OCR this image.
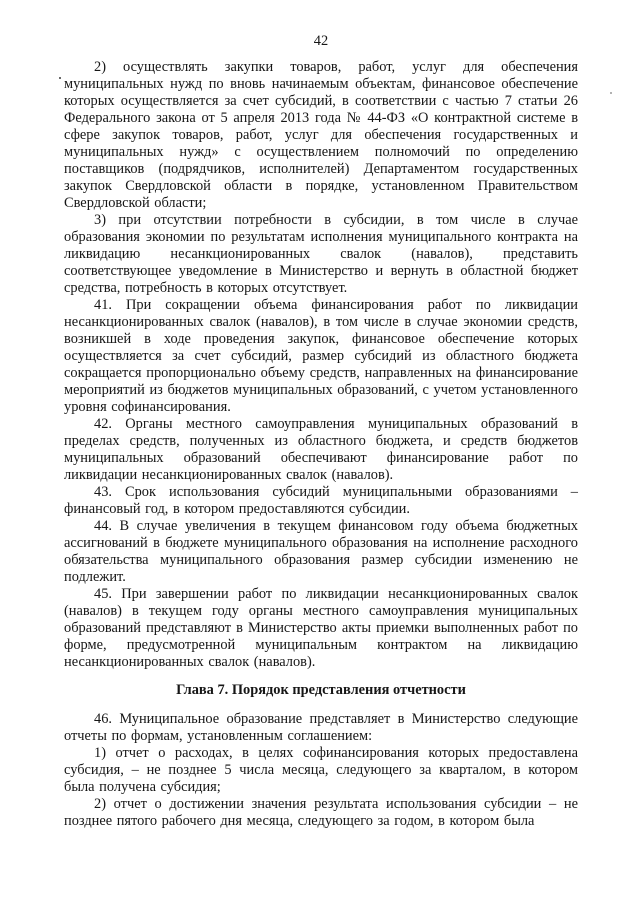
42

2) осуществлять закупки товаров, работ, услуг для обеспечения муниципальных нужд по вновь начинаемым объектам, финансовое обеспечение которых осуществляется за счет субсидий, в соответствии с частью 7 статьи 26 Федерального закона от 5 апреля 2013 года № 44-ФЗ «О контрактной системе в сфере закупок товаров, работ, услуг для обеспечения государственных и муниципальных нужд» с осуществлением полномочий по определению поставщиков (подрядчиков, исполнителей) Департаментом государственных закупок Свердловской области в порядке, установленном Правительством Свердловской области;

3) при отсутствии потребности в субсидии, в том числе в случае образования экономии по результатам исполнения муниципального контракта на ликвидацию несанкционированных свалок (навалов), представить соответствующее уведомление в Министерство и вернуть в областной бюджет средства, потребность в которых отсутствует.

41. При сокращении объема финансирования работ по ликвидации несанкционированных свалок (навалов), в том числе в случае экономии средств, возникшей в ходе проведения закупок, финансовое обеспечение которых осуществляется за счет субсидий, размер субсидий из областного бюджета сокращается пропорционально объему средств, направленных на финансирование мероприятий из бюджетов муниципальных образований, с учетом установленного уровня софинансирования.

42. Органы местного самоуправления муниципальных образований в пределах средств, полученных из областного бюджета, и средств бюджетов муниципальных образований обеспечивают финансирование работ по ликвидации несанкционированных свалок (навалов).

43. Срок использования субсидий муниципальными образованиями – финансовый год, в котором предоставляются субсидии.

44. В случае увеличения в текущем финансовом году объема бюджетных ассигнований в бюджете муниципального образования на исполнение расходного обязательства муниципального образования размер субсидии изменению не подлежит.

45. При завершении работ по ликвидации несанкционированных свалок (навалов) в текущем году органы местного самоуправления муниципальных образований представляют в Министерство акты приемки выполненных работ по форме, предусмотренной муниципальным контрактом на ликвидацию несанкционированных свалок (навалов).

Глава 7. Порядок представления отчетности

46. Муниципальное образование представляет в Министерство следующие отчеты по формам, установленным соглашением:

1) отчет о расходах, в целях софинансирования которых предоставлена субсидия, – не позднее 5 числа месяца, следующего за кварталом, в котором была получена субсидия;

2) отчет о достижении значения результата использования субсидии – не позднее пятого рабочего дня месяца, следующего за годом, в котором была
